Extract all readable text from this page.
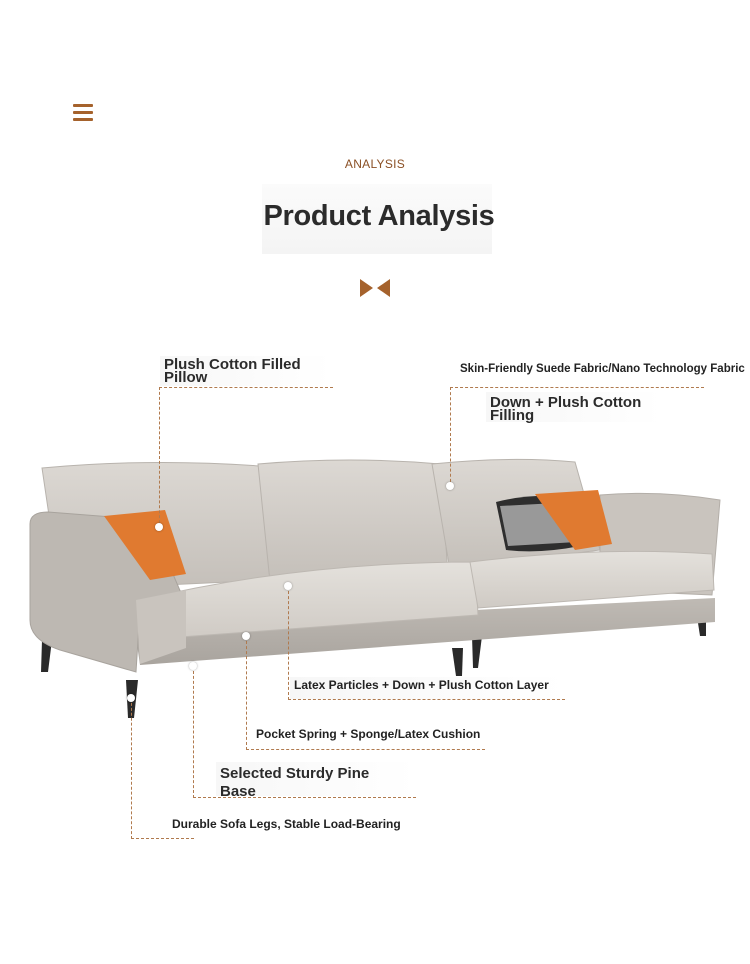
ANALYSIS
Product Analysis
Plush Cotton Filled
Pillow	Skin-Friendly Suede Fabric/Nano Technology Fabric
Down + Plush Cotton
Filling
Latex Particles + Down + Plush Cotton Layer
Pocket Spring + Sponge/Latex Cushion
Selected Sturdy Pine
Base
Durable Sofa Legs, Stable Load-Bearing
